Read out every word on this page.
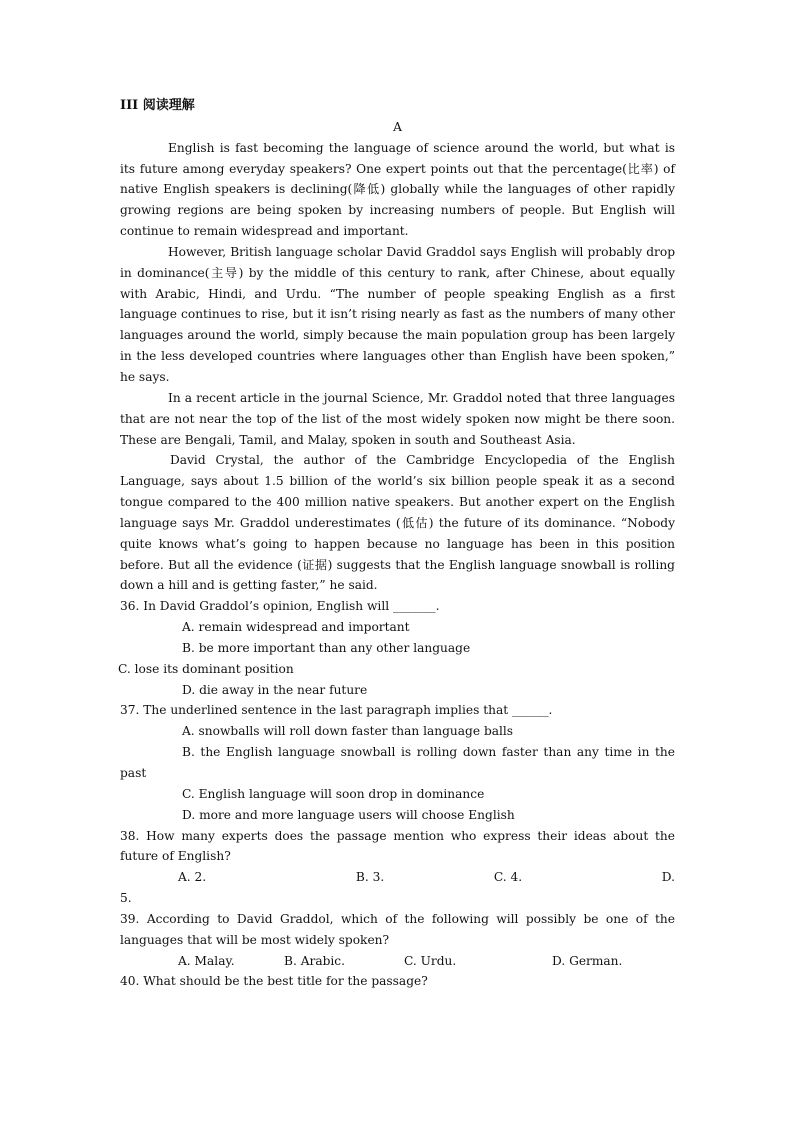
III 阅读理解

A

English is fast becoming the language of science around the world, but what is its future among everyday speakers? One expert points out that the percentage(比率) of native English speakers is declining(降低) globally while the languages of other rapidly growing regions are being spoken by increasing numbers of people. But English will continue to remain widespread and important.

However, British language scholar David Graddol says English will probably drop in dominance(主导) by the middle of this century to rank, after Chinese, about equally with Arabic, Hindi, and Urdu. “The number of people speaking English as a first language continues to rise, but it isn’t rising nearly as fast as the numbers of many other languages around the world, simply because the main population group has been largely in the less developed countries where languages other than English have been spoken,” he says.

In a recent article in the journal Science, Mr. Graddol noted that three languages that are not near the top of the list of the most widely spoken now might be there soon. These are Bengali, Tamil, and Malay, spoken in south and Southeast Asia.

David Crystal, the author of the Cambridge Encyclopedia of the English Language, says about 1.5 billion of the world’s six billion people speak it as a second tongue compared to the 400 million native speakers. But another expert on the English language says Mr. Graddol underestimates (低估) the future of its dominance. “Nobody quite knows what’s going to happen because no language has been in this position before. But all the evidence (证据) suggests that the English language snowball is rolling down a hill and is getting faster,” he said.

36. In David Graddol’s opinion, English will _______.

A. remain widespread and important

B. be more important than any other language

C. lose its dominant position

D. die away in the near future

37. The underlined sentence in the last paragraph implies that ______.

A. snowballs will roll down faster than language balls

B. the English language snowball is rolling down faster than any time in the past

C. English language will soon drop in dominance

D. more and more language users will choose English

38. How many experts does the passage mention who express their ideas about the future of English?

A. 2.	B. 3.	C. 4.	D.

5.

39. According to David Graddol, which of the following will possibly be one of the languages that will be most widely spoken?

A. Malay.	B. Arabic.	C. Urdu.	D. German.

40. What should be the best title for the passage?
